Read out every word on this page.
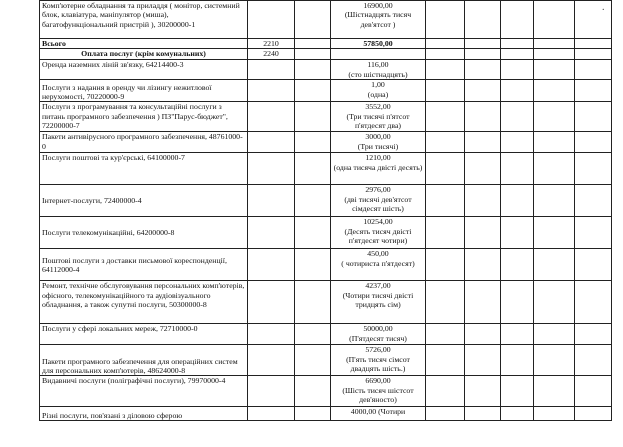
.
Комп'ютерне обладнання та приладдя ( монітор, системний блок, клавіатура, маніпулятор (миша), багатофункціональний пристрій ), 30200000-1			16900,00
(Шістнадцять тисяч дев'ятсот )					

Всього	2210		57850,00					

Оплата послуг (крім комунальних)	2240							
Оренда наземних ліній зв'язку, 64214400-3			116,00
(сто шістнадцять)					

Послуги з надання в оренду чи лізингу нежитлової нерухомості, 70220000-9			1,00
(одна)					

Послуги з програмування та консультаційні послуги з питань програмного забезпечення ) ПЗ"Парус-бюджет", 72200000-7			3552,00
(Три тисячі п'ятсот п'ятдесят два)					

Пакети антивірусного програмного забезпечення, 48761000-0			3000,00
(Три тисячі)					

Послуги поштові та кур'єрські, 64100000-7			1210,00
(одна тисяча двісті десять)					

Інтернет-послуги, 72400000-4			2976,00
(дві тисячі дев'ятсот сімдесят шість)					

Послуги телекомунікаційні, 64200000-8			10254,00
(Десять тисяч двісті п'ятдесят чотири)					

Поштові послуги з доставки письмової кореспонденції, 64112000-4			450,00
( чотириста п'ятдесят)					

Ремонт, технічне обслуговування персональних комп'ютерів, офісного, телекомунікаційного та аудіовізуального обладнання, а також супутні послуги, 50300000-8			4237,00
(Чотири тисячі двісті тридцять сім)					

Послуги у сфері локальних мереж, 72710000-0			50000,00
(П'ятдесят тисяч)					

Пакети програмного забезпечення для операційних систем для персональних комп'ютерів, 48624000-8			5726,00
(П'ять тисяч сімсот двадцять шість.)					

Видавничі послуги (поліграфічні послуги), 79970000-4			6690,00
(Шість тисяч шістсот дев'яносто)					

Різні послуги, пов'язані з діловою сферою			4000,00 (Чотири					
